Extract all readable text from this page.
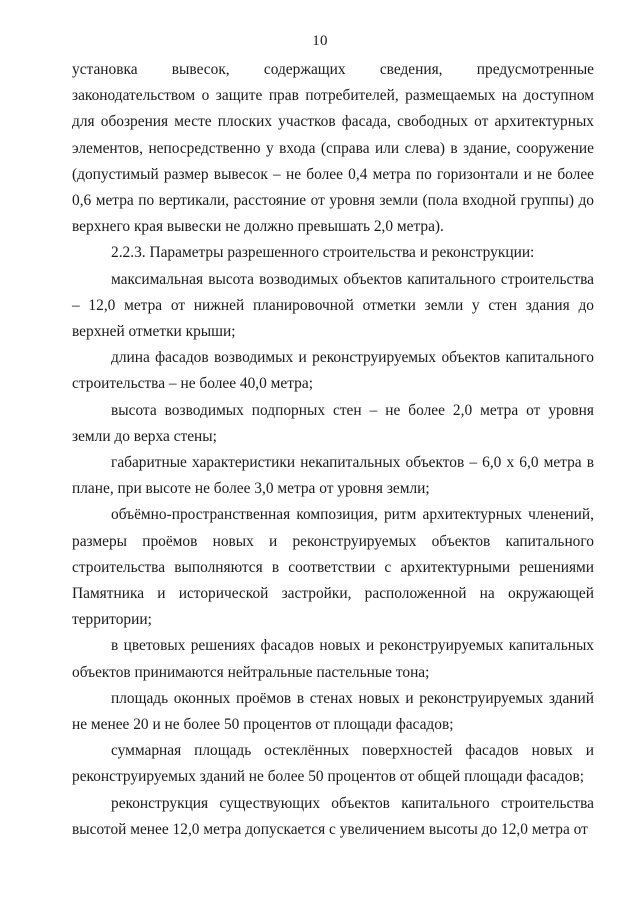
10

установка вывесок, содержащих сведения, предусмотренные законодательством о защите прав потребителей, размещаемых на доступном для обозрения месте плоских участков фасада, свободных от архитектурных элементов, непосредственно у входа (справа или слева) в здание, сооружение (допустимый размер вывесок – не более 0,4 метра по горизонтали и не более 0,6 метра по вертикали, расстояние от уровня земли (пола входной группы) до верхнего края вывески не должно превышать 2,0 метра).

2.2.3. Параметры разрешенного строительства и реконструкции:

максимальная высота возводимых объектов капитального строительства – 12,0 метра от нижней планировочной отметки земли у стен здания до верхней отметки крыши;

длина фасадов возводимых и реконструируемых объектов капитального строительства – не более 40,0 метра;

высота возводимых подпорных стен – не более 2,0 метра от уровня земли до верха стены;

габаритные характеристики некапитальных объектов – 6,0 х 6,0 метра в плане, при высоте не более 3,0 метра от уровня земли;

объёмно-пространственная композиция, ритм архитектурных членений, размеры проёмов новых и реконструируемых объектов капитального строительства выполняются в соответствии с архитектурными решениями Памятника и исторической застройки, расположенной на окружающей территории;

в цветовых решениях фасадов новых и реконструируемых капитальных объектов принимаются нейтральные пастельные тона;

площадь оконных проёмов в стенах новых и реконструируемых зданий не менее 20 и не более 50 процентов от площади фасадов;

суммарная площадь остеклённых поверхностей фасадов новых и реконструируемых зданий не более 50 процентов от общей площади фасадов;

реконструкция существующих объектов капитального строительства высотой менее 12,0 метра допускается с увеличением высоты до 12,0 метра от
